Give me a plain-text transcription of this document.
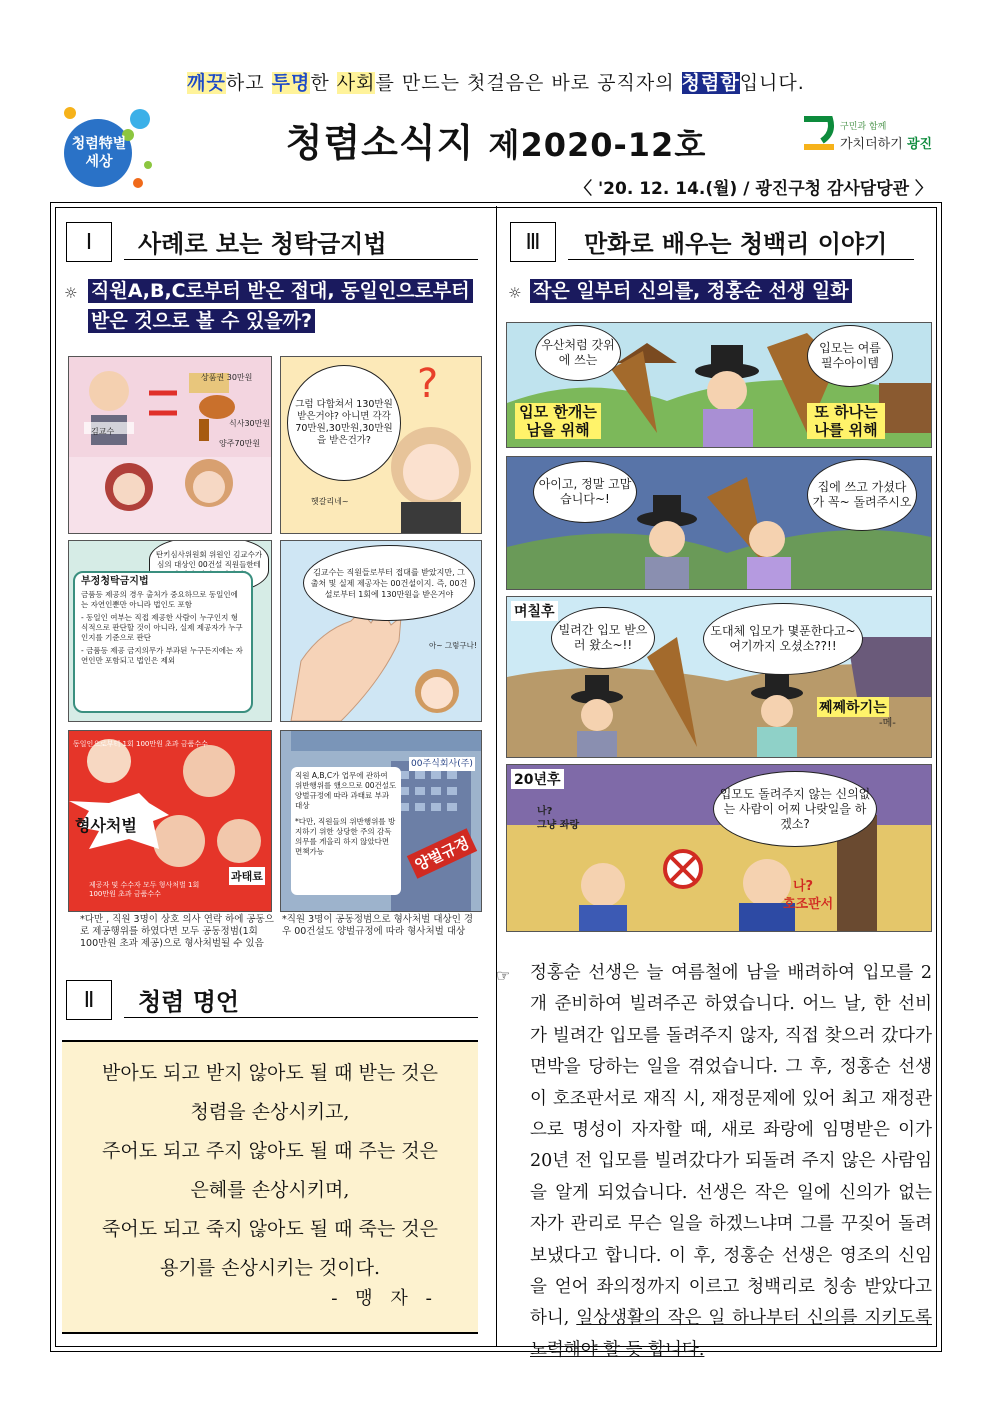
깨끗하고 투명한 사회를 만드는 첫걸음은 바로 공직자의 청렴함입니다.
청렴特별 세상	청렴소식지 제2020-12호	구민과 함께
가치더하기 광진
〈 '20. 12. 14.(월) / 광진구청 감사담당관 〉
Ⅰ	사례로 보는 청탁금지법
☼ 직원A,B,C로부터 받은 접대, 동일인으로부터
받은 것으로 볼 수 있을까?
상품권 30만원
식사30만원
양주70만원
김교수
?
그럼 다합쳐서 130만원받은거야? 아니면 각각 70만원,30만원,30만원을 받은건가?
헷갈리네~
탄키심사위원회 위원인 김교수가 심의 대상인 00건설 직원들한테
부정청탁금지법
금품등 제공의 경우 출처가 중요하므로 동일인에는 자연인뿐만 아니라 법인도 포함
- 동일인 여부는 직접 제공한 사람이 누구인지 형식적으로 판단할 것이 아니라, 실제 제공자가 누구인지를 기준으로 판단
- 금품등 제공 금지의무가 부과된 누구든지에는 자연인만 포함되고 법인은 제외
김교수는 직원들로부터 접대를 받았지만, 그 출처 및 실제 제공자는 00건설이지. 즉, 00건설로부터 1회에 130만원을 받은거야
아~ 그렇구나!
동일인으로부터 1회 100만원 초과 금품수수
형사처벌
과태료
제공자 및 수수자 모두 형사처벌 1회 100만원 초과 금품수수
00주식회사(주)
직원 A,B,C가 업무에 관하여 위반행위를 했으므로 00건설도 양벌규정에 따라 과태료 부과 대상
*다만, 직원들의 위반행위를 방지하기 위한 상당한 주의 감독 의무를 게을리 하지 않았다면 면책가능	양벌규정
*다만 , 직원 3명이 상호 의사 연락 하에 공동으로 제공행위를 하였다면 모두 공동정범(1회 100만원 초과 제공)으로 형사처벌될 수 있음
*직원 3명이 공동정범으로 형사처벌 대상인 경우 00건설도 양벌규정에 따라 형사처벌 대상
Ⅱ	청렴 명언

받아도 되고 받지 않아도 될 때 받는 것은

청렴을 손상시키고,

주어도 되고 주지 않아도 될 때 주는 것은

은혜를 손상시키며,

죽어도 되고 죽지 않아도 될 때 죽는 것은

용기를 손상시키는 것이다.

- 맹 자 -
Ⅲ	만화로 배우는 청백리 이야기
☼ 작은 일부터 신의를, 정홍순 선생 일화
우산처럼 갓위에 쓰는
입모는 여름 필수아이템
입모 한개는 남을 위해
또 하나는 나를 위해
아이고, 정말 고맙습니다~!
집에 쓰고 가셨다가 꼭~ 돌려주시오
며칠후
빌려간 입모 받으러 왔소~!!
도대체 입모가 몇푼한다고~여기까지 오셨소??!!
쩨쩨하기는
-메-
20년후
입모도 돌려주지 않는 신의없는 사람이 어찌 나랏일을 하겠소?
나?
그냥 좌랑
나?
호조판서
☞	정홍순 선생은 늘 여름철에 남을 배려하여 입모를 2개 준비하여 빌려주곤 하였습니다. 어느 날, 한 선비가 빌려간 입모를 돌려주지 않자, 직접 찾으러 갔다가 면박을 당하는 일을 겪었습니다. 그 후, 정홍순 선생이 호조판서로 재직 시, 재정문제에 있어 최고 재정관으로 명성이 자자할 때, 새로 좌랑에 임명받은 이가 20년 전 입모를 빌려갔다가 되돌려 주지 않은 사람임을 알게 되었습니다. 선생은 작은 일에 신의가 없는 자가 관리로 무슨 일을 하겠느냐며 그를 꾸짖어 돌려보냈다고 합니다. 이 후, 정홍순 선생은 영조의 신임을 얻어 좌의정까지 이르고 청백리로 칭송 받았다고 하니, 일상생활의 작은 일 하나부터 신의를 지키도록 노력해야 할 듯 합니다.
